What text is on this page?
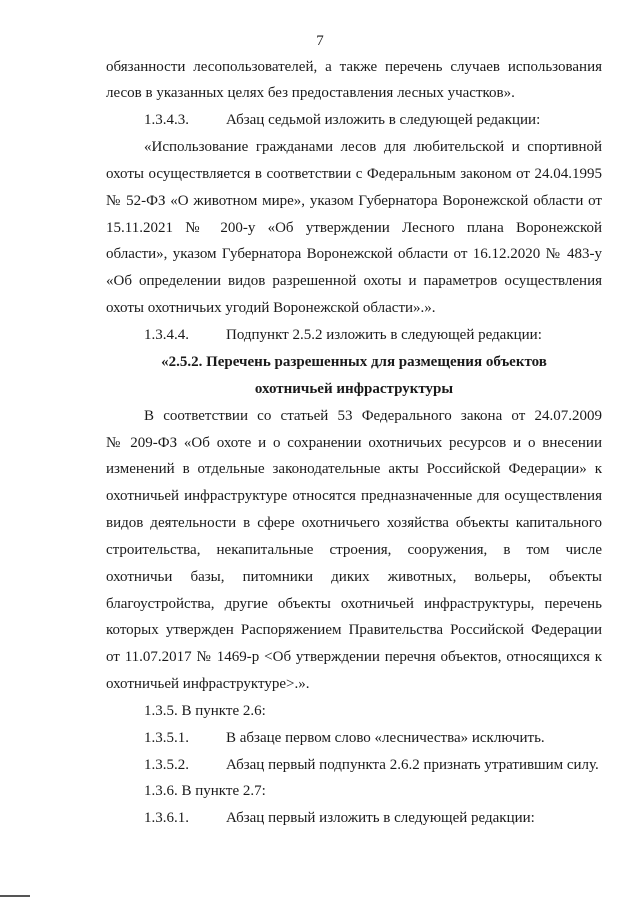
7
обязанности лесопользователей, а также перечень случаев использования
лесов в указанных целях без предоставления лесных участков».
1.3.4.3. Абзац седьмой изложить в следующей редакции:
«Использование гражданами лесов для любительской и спортивной
охоты осуществляется в соответствии с Федеральным законом от 24.04.1995
№ 52-ФЗ «О животном мире», указом Губернатора Воронежской области от
15.11.2021 № 200-у «Об утверждении Лесного плана Воронежской
области», указом Губернатора Воронежской области от 16.12.2020 № 483-у
«Об определении видов разрешенной охоты и параметров осуществления
охоты охотничьих угодий Воронежской области».».
1.3.4.4. Подпункт 2.5.2 изложить в следующей редакции:
«2.5.2. Перечень разрешенных для размещения объектов
охотничьей инфраструктуры
В соответствии со статьей 53 Федерального закона от 24.07.2009
№ 209-ФЗ «Об охоте и о сохранении охотничьих ресурсов и о внесении
изменений в отдельные законодательные акты Российской Федерации» к
охотничьей инфраструктуре относятся предназначенные для осуществления
видов деятельности в сфере охотничьего хозяйства объекты капитального
строительства, некапитальные строения, сооружения, в том числе
охотничьи базы, питомники диких животных, вольеры, объекты
благоустройства, другие объекты охотничьей инфраструктуры, перечень
которых утвержден Распоряжением Правительства Российской Федерации
от 11.07.2017 № 1469-р <Об утверждении перечня объектов, относящихся к
охотничьей инфраструктуре>.».
1.3.5. В пункте 2.6:
1.3.5.1. В абзаце первом слово «лесничества» исключить.
1.3.5.2. Абзац первый подпункта 2.6.2 признать утратившим силу.
1.3.6. В пункте 2.7:
1.3.6.1. Абзац первый изложить в следующей редакции:
